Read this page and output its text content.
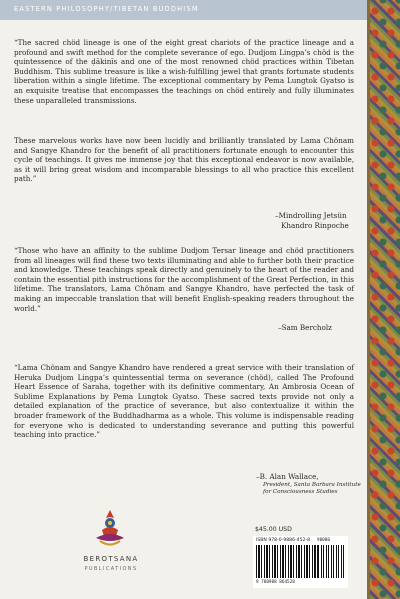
EASTERN PHILOSOPHY/TIBETAN BUDDHISM

“The sacred chöd lineage is one of the eight great chariots of the practice lineage and a profound and swift method for the complete severance of ego. Dudjom Lingpa’s chöd is the quintessence of the ḍākinīs and one of the most renowned chöd practices within Tibetan Buddhism. This sublime treasure is like a wish-fulfilling jewel that grants fortunate students liberation within a single lifetime. The exceptional commentary by Pema Lungtok Gyatso is an exquisite treatise that encompasses the teachings on chöd entirely and fully illuminates these unparalleled transmissions.

These marvelous works have now been lucidly and brilliantly translated by Lama Chönam and Sangye Khandro for the benefit of all practitioners fortunate enough to encounter this cycle of teachings. It gives me immense joy that this exceptional endeavor is now available, as it will bring great wisdom and incomparable blessings to all who practice this excellent path.”

–Mindrolling Jetsün
Khandro Rinpoche

“Those who have an affinity to the sublime Dudjom Tersar lineage and chöd practitioners from all lineages will find these two texts illuminating and able to further both their practice and knowledge. These teachings speak directly and genuinely to the heart of the reader and contain the essential pith instructions for the accomplishment of the Great Perfection, in this lifetime. The translators, Lama Chönam and Sangye Khandro, have perfected the task of making an impeccable translation that will benefit English-speaking readers throughout the world.”

–Sam Bercholz

“Lama Chönam and Sangye Khandro have rendered a great service with their translation of Heruka Dudjom Lingpa’s quintessential terma on severance (chöd), called The Profound Heart Essence of Saraha, together with its definitive commentary, An Ambrosia Ocean of Sublime Explanations by Pema Lungtok Gyatso. These sacred texts provide not only a detailed explanation of the practice of severance, but also contextualize it within the broader framework of the Buddhadharma as a whole. This volume is indispensable reading for everyone who is dedicated to understanding severance and putting this powerful teaching into practice.”

–B. Alan Wallace,
President, Santa Barbara Institute
for Consciousness Studies
BEROTSANA
PUBLICATIONS
$45.00 USD
ISBN 978-0-9886-452-8 90000
9 780988 864528
